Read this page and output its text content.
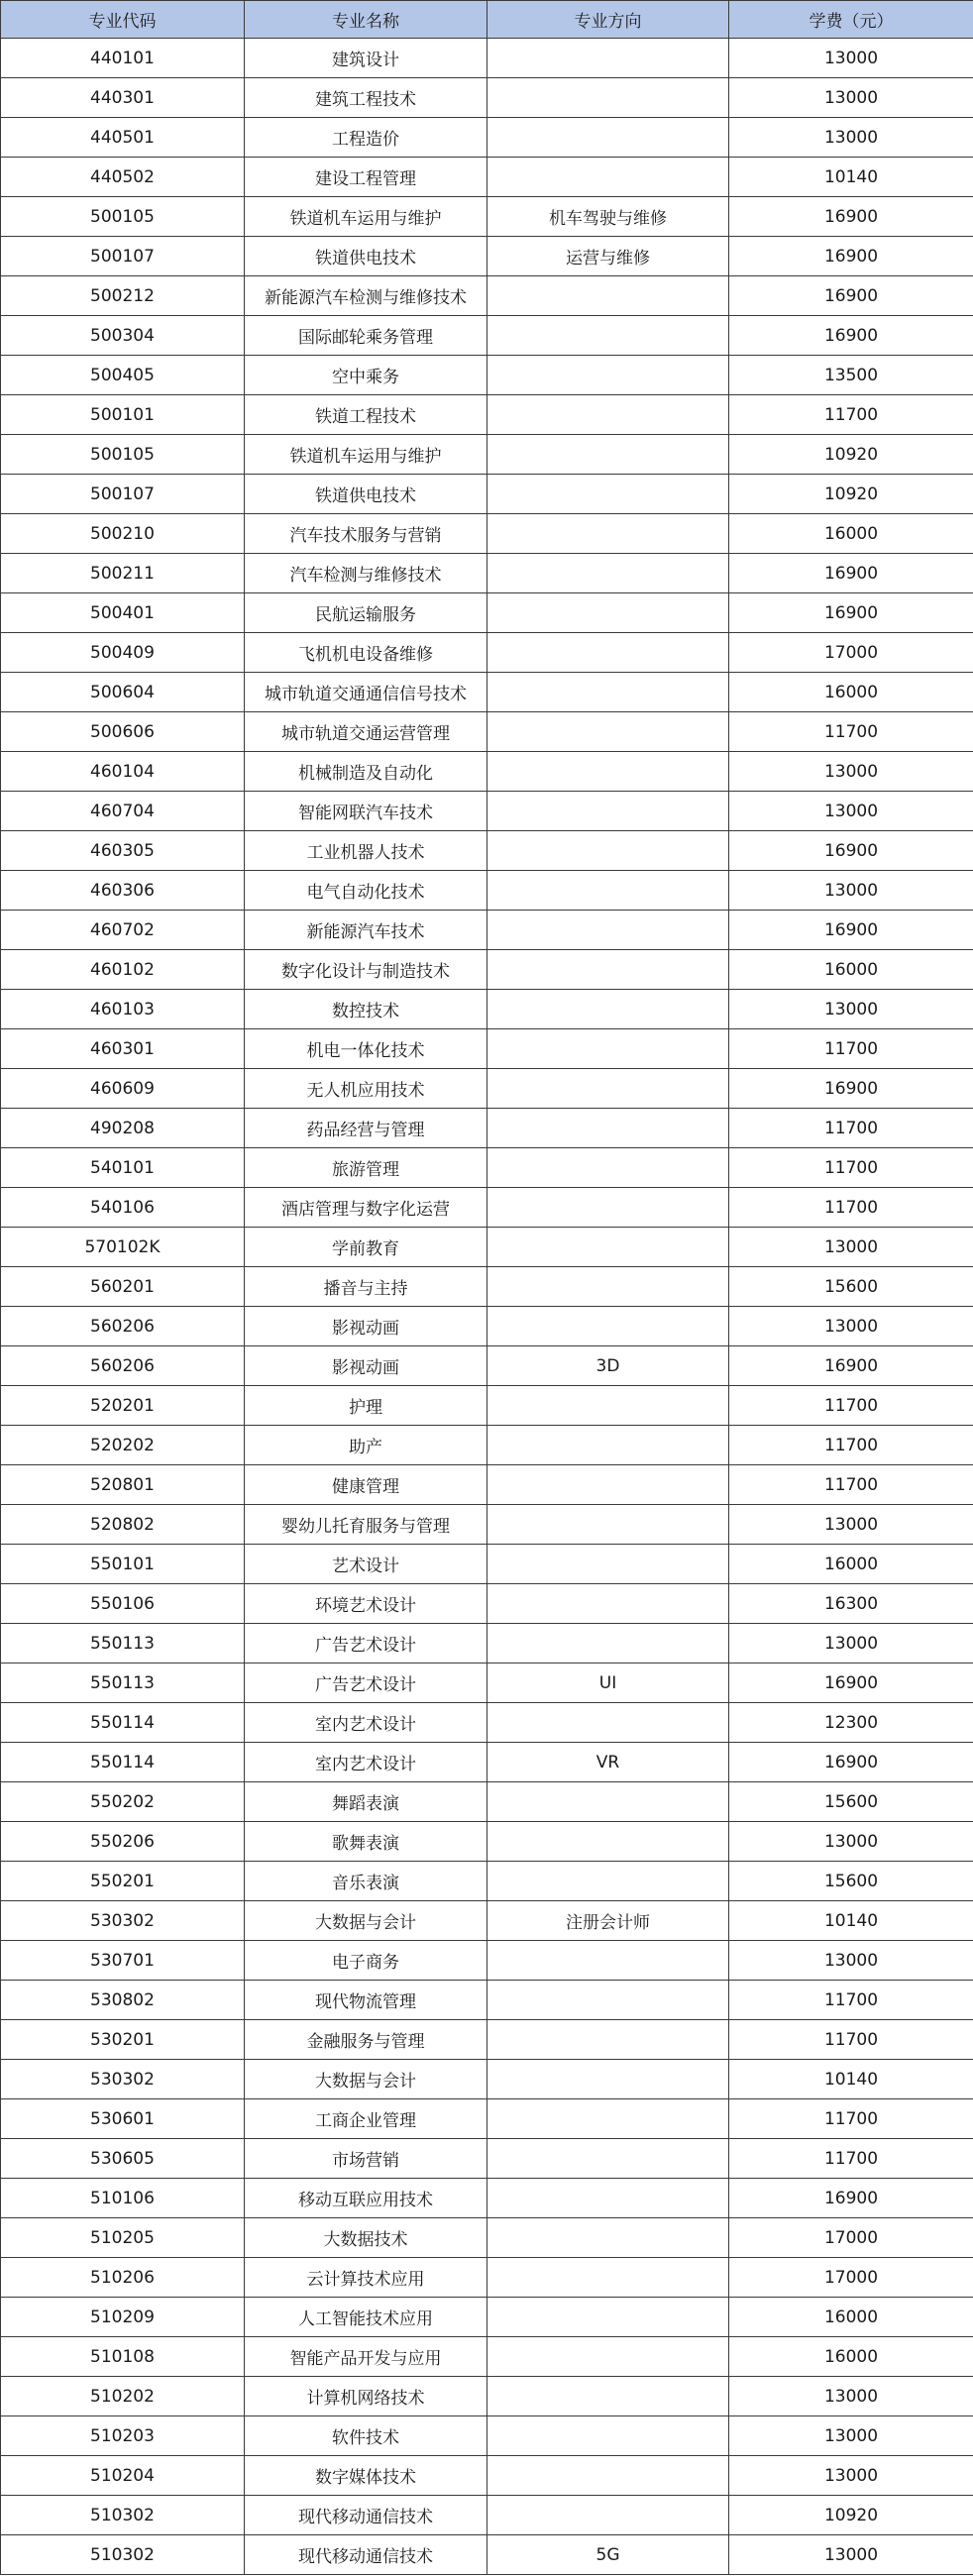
专业代码	专业名称	专业方向	学费（元）
440101	建筑设计		13000
440301	建筑工程技术		13000
440501	工程造价		13000
440502	建设工程管理		10140
500105	铁道机车运用与维护	机车驾驶与维修	16900
500107	铁道供电技术	运营与维修	16900
500212	新能源汽车检测与维修技术		16900
500304	国际邮轮乘务管理		16900
500405	空中乘务		13500
500101	铁道工程技术		11700
500105	铁道机车运用与维护		10920
500107	铁道供电技术		10920
500210	汽车技术服务与营销		16000
500211	汽车检测与维修技术		16900
500401	民航运输服务		16900
500409	飞机机电设备维修		17000
500604	城市轨道交通通信信号技术		16000
500606	城市轨道交通运营管理		11700
460104	机械制造及自动化		13000
460704	智能网联汽车技术		13000
460305	工业机器人技术		16900
460306	电气自动化技术		13000
460702	新能源汽车技术		16900
460102	数字化设计与制造技术		16000
460103	数控技术		13000
460301	机电一体化技术		11700
460609	无人机应用技术		16900
490208	药品经营与管理		11700
540101	旅游管理		11700
540106	酒店管理与数字化运营		11700
570102K	学前教育		13000
560201	播音与主持		15600
560206	影视动画		13000
560206	影视动画	3D	16900
520201	护理		11700
520202	助产		11700
520801	健康管理		11700
520802	婴幼儿托育服务与管理		13000
550101	艺术设计		16000
550106	环境艺术设计		16300
550113	广告艺术设计		13000
550113	广告艺术设计	UI	16900
550114	室内艺术设计		12300
550114	室内艺术设计	VR	16900
550202	舞蹈表演		15600
550206	歌舞表演		13000
550201	音乐表演		15600
530302	大数据与会计	注册会计师	10140
530701	电子商务		13000
530802	现代物流管理		11700
530201	金融服务与管理		11700
530302	大数据与会计		10140
530601	工商企业管理		11700
530605	市场营销		11700
510106	移动互联应用技术		16900
510205	大数据技术		17000
510206	云计算技术应用		17000
510209	人工智能技术应用		16000
510108	智能产品开发与应用		16000
510202	计算机网络技术		13000
510203	软件技术		13000
510204	数字媒体技术		13000
510302	现代移动通信技术		10920
510302	现代移动通信技术	5G	13000
